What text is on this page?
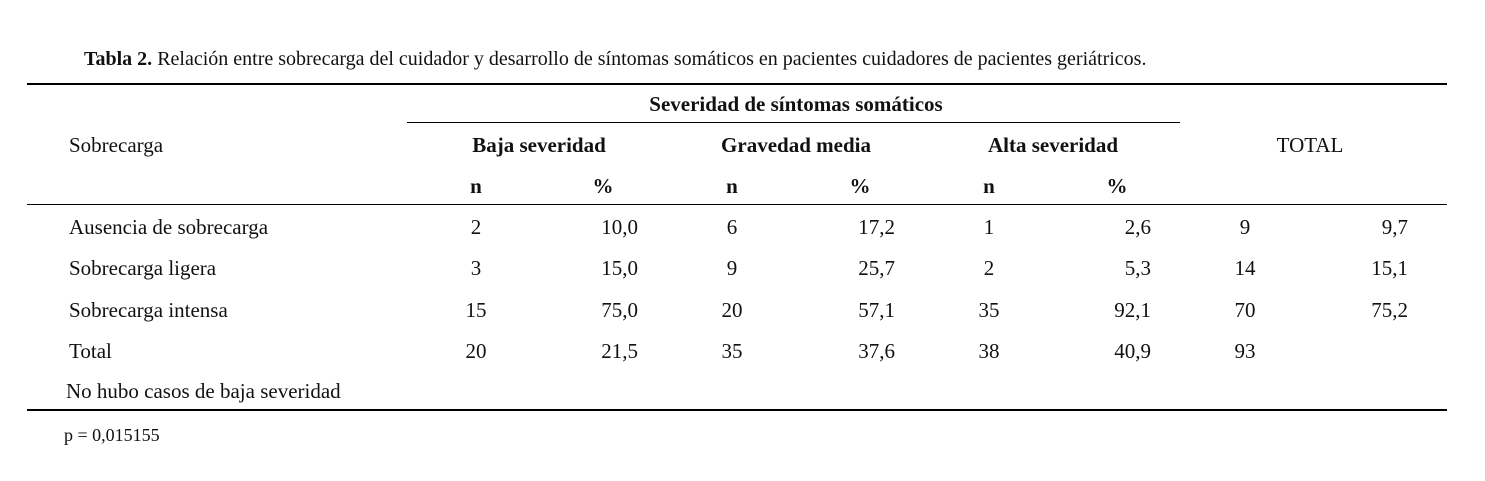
Tabla 2. Relación entre sobrecarga del cuidador y desarrollo de síntomas somáticos en pacientes cuidadores de pacientes geriátricos.
Severidad de síntomas somáticos
Sobrecarga	Baja severidad	Gravedad media	Alta severidad	TOTAL
n	%	n	%	n	%
Ausencia de sobrecarga	2	10,0	6	17,2	1	2,6	9	9,7
Sobrecarga ligera	3	15,0	9	25,7	2	5,3	14	15,1
Sobrecarga intensa	15	75,0	20	57,1	35	92,1	70	75,2
Total	20	21,5	35	37,6	38	40,9	93
No hubo casos de baja severidad
p = 0,015155
